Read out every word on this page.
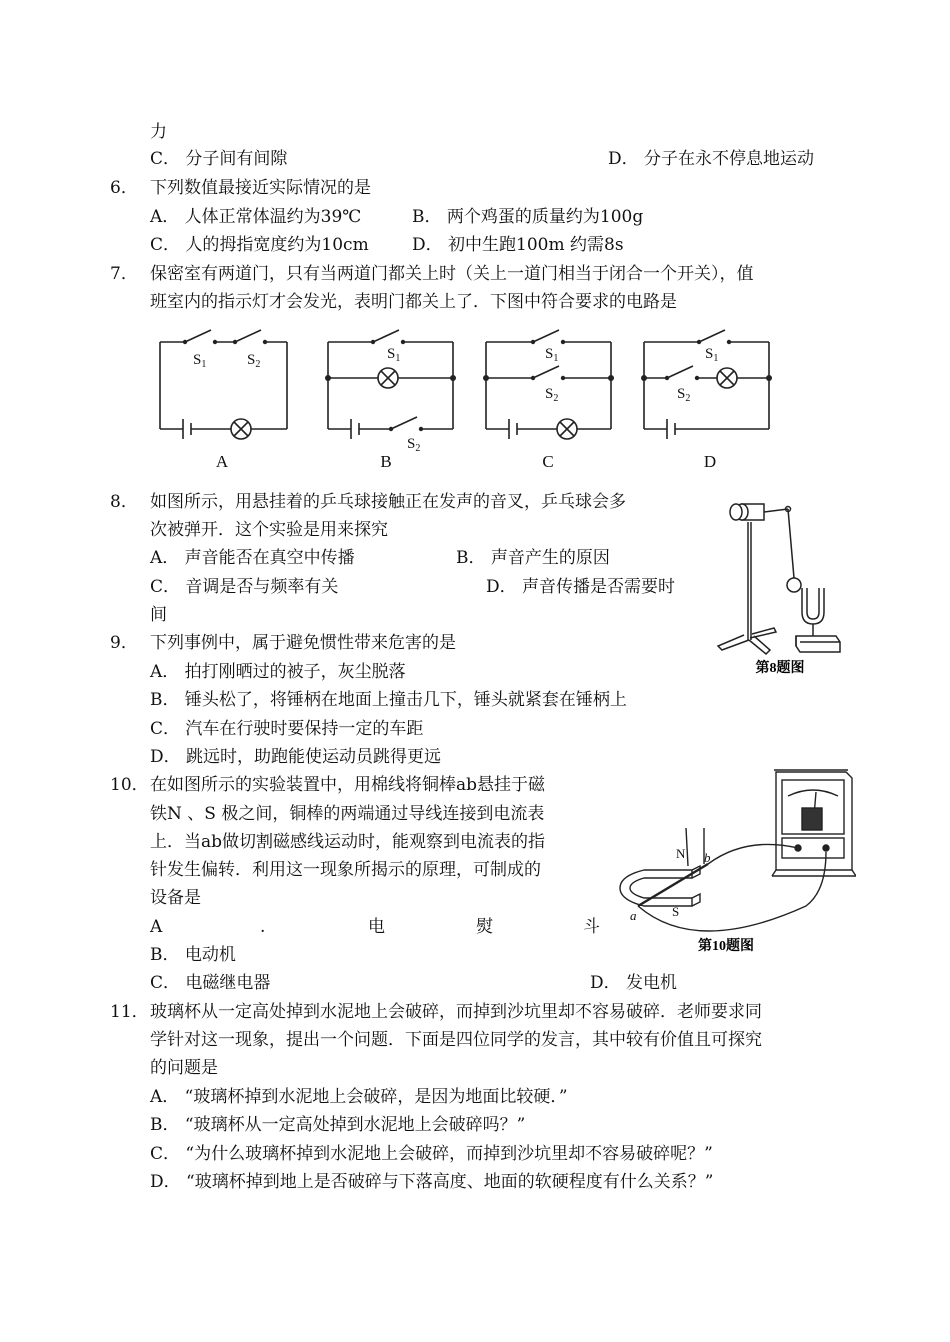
力
C． 分子间有间隙	D． 分子在永不停息地运动
6． 下列数值最接近实际情况的是
A． 人体正常体温约为39℃	B． 两个鸡蛋的质量约为100g
C． 人的拇指宽度约为10cm	D． 初中生跑100m 约需8s
7． 保密室有两道门，只有当两道门都关上时（关上一道门相当于闭合一个开关），值
班室内的指示灯才会发光，表明门都关上了．下图中符合要求的电路是
$S_1$	$S_2$
$S_1$
$S_2$
$S_1$
$S_2$
$S_1$
$S_2$
A	B	C	D
8． 如图所示，用悬挂着的乒乓球接触正在发声的音叉，乒乓球会多
次被弹开．这个实验是用来探究
A． 声音能否在真空中传播	B． 声音产生的原因
C． 音调是否与频率有关	D． 声音传播是否需要时
间
第8题图
9． 下列事例中，属于避免惯性带来危害的是
A． 拍打刚晒过的被子，灰尘脱落
B． 锤头松了，将锤柄在地面上撞击几下，锤头就紧套在锤柄上
C． 汽车在行驶时要保持一定的车距
D． 跳远时，助跑能使运动员跳得更远
10． 在如图所示的实验装置中，用棉线将铜棒ab悬挂于磁
铁N 、S 极之间，铜棒的两端通过导线连接到电流表
上．当ab做切割磁感线运动时，能观察到电流表的指
针发生偏转．利用这一现象所揭示的原理，可制成的
设备是
A	.	电	熨	斗
B． 电动机
C． 电磁继电器	D． 发电机
N
S
a
b
第10题图
11． 玻璃杯从一定高处掉到水泥地上会破碎，而掉到沙坑里却不容易破碎．老师要求同
学针对这一现象，提出一个问题．下面是四位同学的发言，其中较有价值且可探究
的问题是
A． “玻璃杯掉到水泥地上会破碎，是因为地面比较硬．”
B． “玻璃杯从一定高处掉到水泥地上会破碎吗？”
C． “为什么玻璃杯掉到水泥地上会破碎，而掉到沙坑里却不容易破碎呢？”
D． “玻璃杯掉到地上是否破碎与下落高度、地面的软硬程度有什么关系？”
